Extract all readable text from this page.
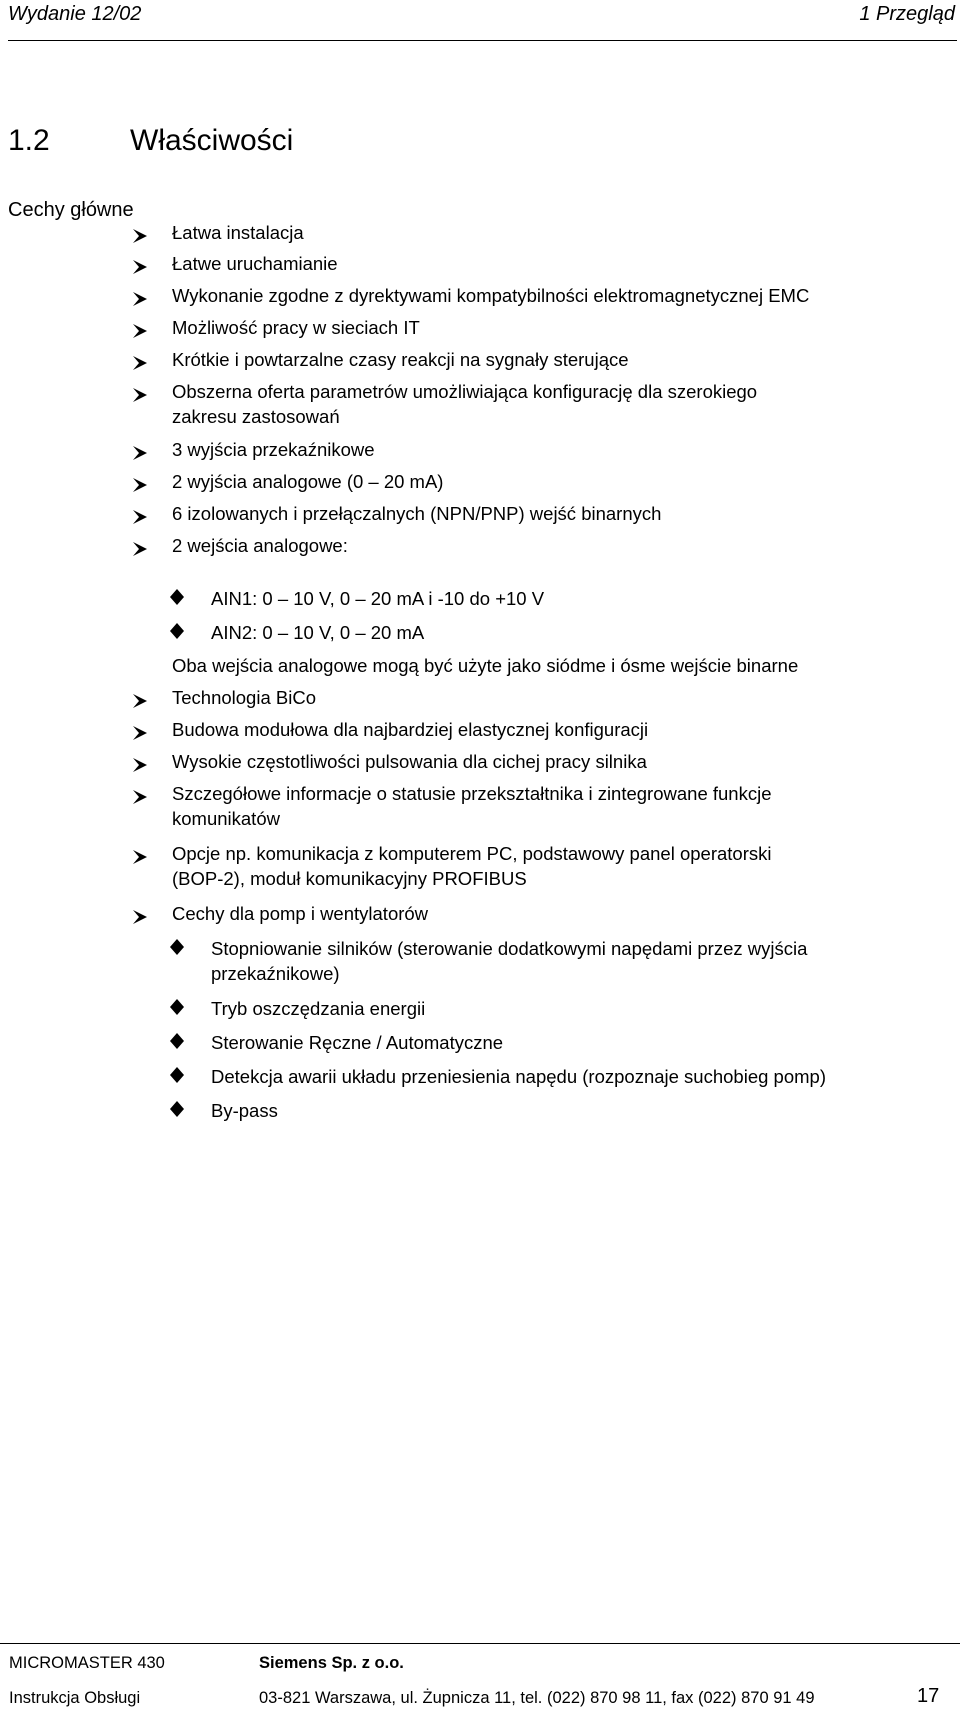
Wydanie 12/02	1 Przegląd
1.2	Właściwości
Cechy główne
Łatwa instalacja
Łatwe uruchamianie
Wykonanie zgodne z dyrektywami kompatybilności elektromagnetycznej EMC
Możliwość pracy w sieciach IT
Krótkie i powtarzalne czasy reakcji na sygnały sterujące
Obszerna oferta parametrów umożliwiająca konfigurację dla szerokiego
zakresu zastosowań
3 wyjścia przekaźnikowe
2 wyjścia analogowe (0 – 20 mA)
6 izolowanych i przełączalnych (NPN/PNP) wejść binarnych
2 wejścia analogowe:
AIN1: 0 – 10 V, 0 – 20 mA i -10 do +10 V
AIN2: 0 – 10 V, 0 – 20 mA
Oba wejścia analogowe mogą być użyte jako siódme i ósme wejście binarne
Technologia BiCo
Budowa modułowa dla najbardziej elastycznej konfiguracji
Wysokie częstotliwości pulsowania dla cichej pracy silnika
Szczegółowe informacje o statusie przekształtnika i zintegrowane funkcje
komunikatów
Opcje np. komunikacja z komputerem PC, podstawowy panel operatorski
(BOP-2), moduł komunikacyjny PROFIBUS
Cechy dla pomp i wentylatorów
Stopniowanie silników (sterowanie dodatkowymi napędami przez wyjścia
przekaźnikowe)
Tryb oszczędzania energii
Sterowanie Ręczne / Automatyczne
Detekcja awarii układu przeniesienia napędu (rozpoznaje suchobieg pomp)
By-pass
MICROMASTER 430
Instrukcja Obsługi
Siemens Sp. z o.o.
03-821 Warszawa, ul. Żupnicza 11, tel. (022) 870 98 11, fax (022) 870 91 49	17
